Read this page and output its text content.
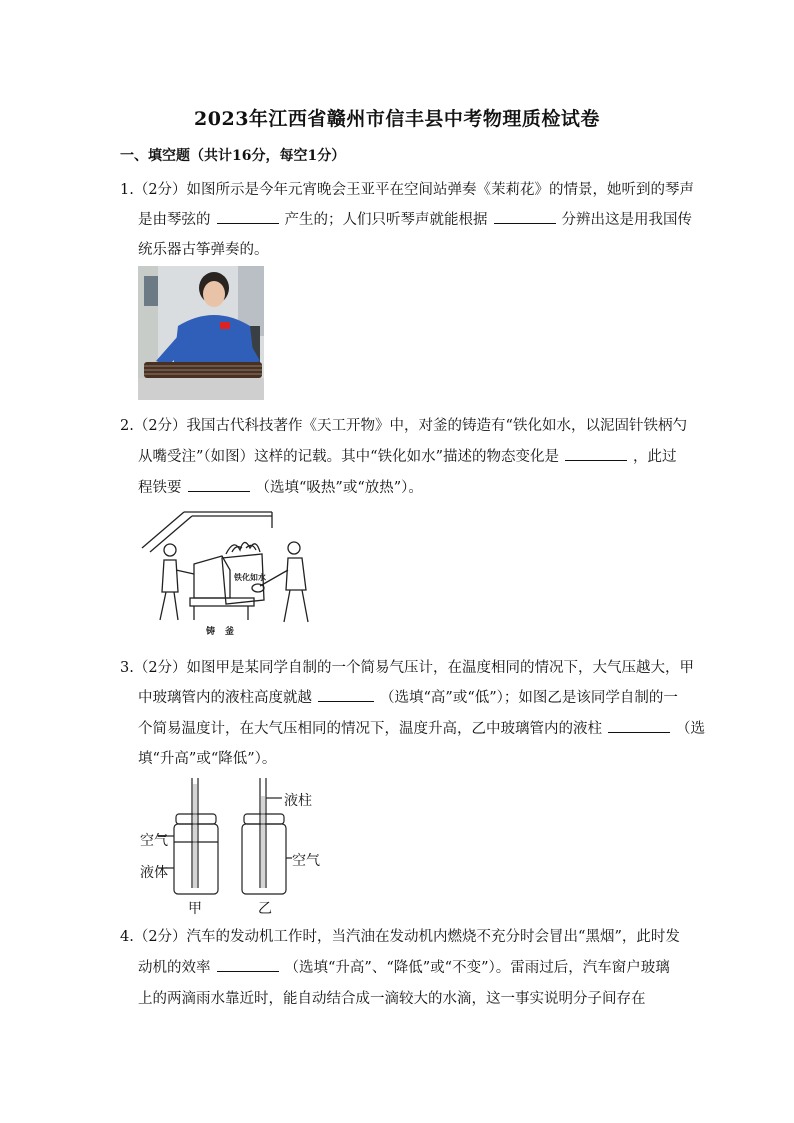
2023年江西省赣州市信丰县中考物理质检试卷
一、填空题（共计16分，每空1分）
1.（2分）如图所示是今年元宵晚会王亚平在空间站弹奏《茉莉花》的情景，她听到的琴声
是由琴弦的	产生的；人们只听琴声就能根据	分辨出这是用我国传
统乐器古筝弹奏的。
2.（2分）我国古代科技著作《天工开物》中，对釜的铸造有“铁化如水，以泥固针铁柄勺
从嘴受注”（如图）这样的记载。其中“铁化如水”描述的物态变化是	，此过
程铁要	（选填“吸热”或“放热”）。
铁化如水
铸釜
3.（2分）如图甲是某同学自制的一个简易气压计，在温度相同的情况下，大气压越大，甲
中玻璃管内的液柱高度就越	（选填“高”或“低”）；如图乙是该同学自制的一
个简易温度计，在大气压相同的情况下，温度升高，乙中玻璃管内的液柱	（选
填“升高”或“降低”）。
空气
液体
液柱
空气
甲	乙
4.（2分）汽车的发动机工作时，当汽油在发动机内燃烧不充分时会冒出“黑烟”，此时发
动机的效率	（选填“升高”、“降低”或“不变”）。雷雨过后，汽车窗户玻璃
上的两滴雨水靠近时，能自动结合成一滴较大的水滴，这一事实说明分子间存在
